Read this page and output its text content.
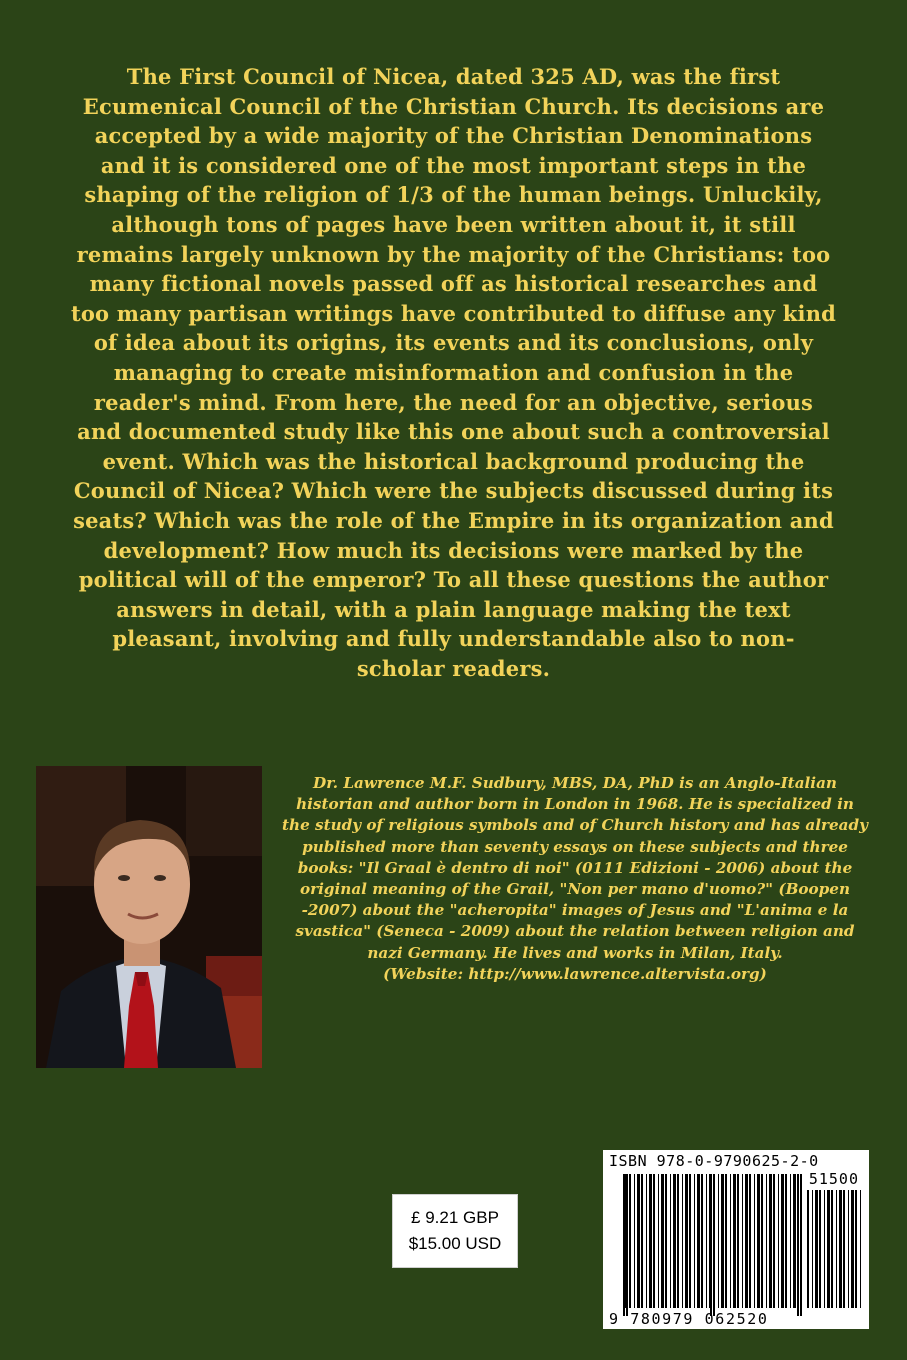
The First Council of Nicea, dated 325 AD, was the first Ecumenical Council of the Christian Church. Its decisions are accepted by a wide majority of the Christian Denominations and it is considered one of the most important steps in the shaping of the religion of 1/3 of the human beings. Unluckily, although tons of pages have been written about it, it still remains largely unknown by the majority of the Christians: too many fictional novels passed off as historical researches and too many partisan writings have contributed to diffuse any kind of idea about its origins, its events and its conclusions, only managing to create misinformation and confusion in the reader's mind. From here, the need for an objective, serious and documented study like this one about such a controversial event. Which was the historical background producing the Council of Nicea? Which were the subjects discussed during its seats? Which was the role of the Empire in its organization and development? How much its decisions were marked by the political will of the emperor? To all these questions the author answers in detail, with a plain language making the text pleasant, involving and fully understandable also to non-scholar readers.

Dr. Lawrence M.F. Sudbury, MBS, DA, PhD is an Anglo-Italian historian and author born in London in 1968. He is specialized in the study of religious symbols and of Church history and has already published more than seventy essays on these subjects and three books: "Il Graal è dentro di noi" (0111 Edizioni - 2006) about the original meaning of the Grail, "Non per mano d'uomo?" (Boopen -2007) about the "acheropita" images of Jesus and "L'anima e la svastica" (Seneca - 2009) about the relation between religion and nazi Germany. He lives and works in Milan, Italy.
(Website: http://www.lawrence.altervista.org)

£ 9.21 GBP
$15.00 USD
ISBN 978-0-9790625-2-0
51500
9 780979 062520
